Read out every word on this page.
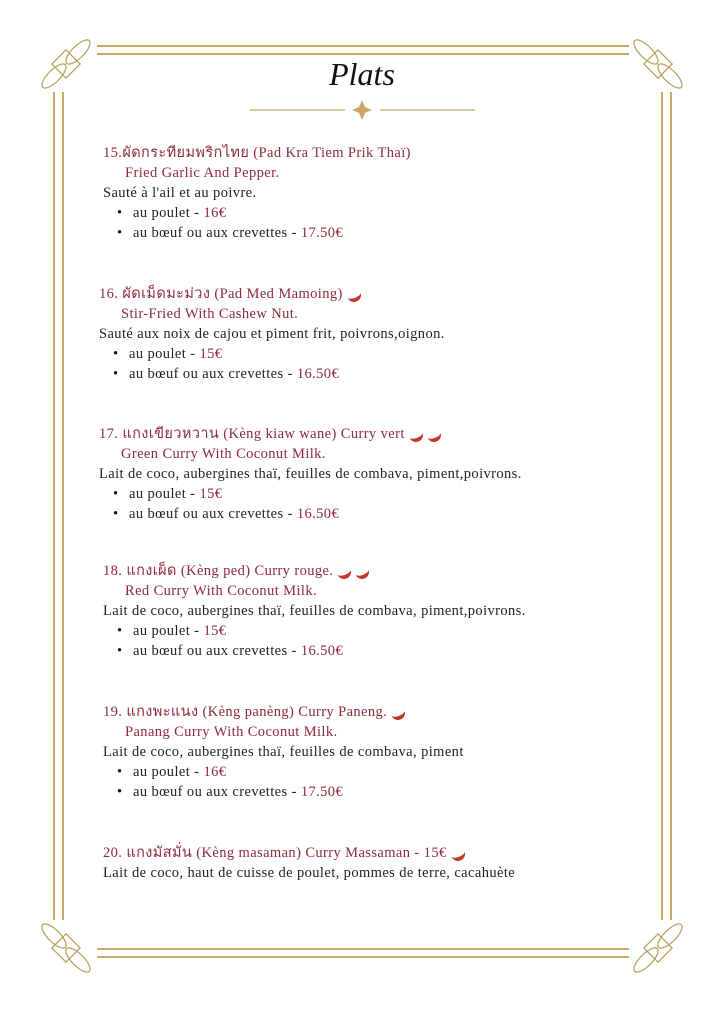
Plats
15.ผัดกระทียมพริกไทย (Pad Kra Tiem Prik Thaï)
Fried Garlic And Pepper.
Sauté à l'ail et au poivre.
• au poulet - 16€
• au bœuf ou aux crevettes - 17.50€
16. ผัดเม็ดมะม่วง (Pad Med Mamoing)
Stir-Fried With Cashew Nut.
Sauté aux noix de cajou et piment frit, poivrons,oignon.
• au poulet - 15€
• au bœuf ou aux crevettes - 16.50€
17. แกงเขียวหวาน (Kèng kiaw wane) Curry vert
Green Curry With Coconut Milk.
Lait de coco, aubergines thaï, feuilles de combava, piment,poivrons.
• au poulet - 15€
• au bœuf ou aux crevettes - 16.50€
18. แกงเผ็ด (Kèng ped) Curry rouge.
Red Curry With Coconut Milk.
Lait de coco, aubergines thaï, feuilles de combava, piment,poivrons.
• au poulet - 15€
• au bœuf ou aux crevettes - 16.50€
19. แกงพะแนง (Kèng panèng) Curry Paneng.
Panang Curry With Coconut Milk.
Lait de coco, aubergines thaï, feuilles de combava, piment
• au poulet - 16€
• au bœuf ou aux crevettes - 17.50€
20. แกงมัสมั่น (Kèng masaman) Curry Massaman - 15€
Lait de coco, haut de cuisse de poulet, pommes de terre, cacahuète
